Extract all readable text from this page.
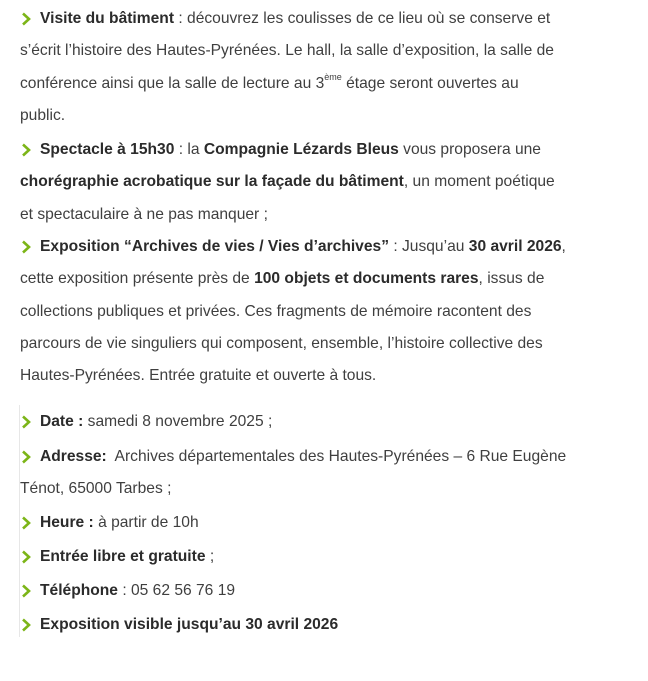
Visite du bâtiment : découvrez les coulisses de ce lieu où se conserve et
s’écrit l’histoire des Hautes-Pyrénées. Le hall, la salle d’exposition, la salle de
conférence ainsi que la salle de lecture au 3ème étage seront ouvertes au
public.
Spectacle à 15h30 : la Compagnie Lézards Bleus vous proposera une
chorégraphie acrobatique sur la façade du bâtiment, un moment poétique
et spectaculaire à ne pas manquer ;
Exposition “Archives de vies / Vies d’archives” : Jusqu’au 30 avril 2026,
cette exposition présente près de 100 objets et documents rares, issus de
collections publiques et privées. Ces fragments de mémoire racontent des
parcours de vie singuliers qui composent, ensemble, l’histoire collective des
Hautes-Pyrénées. Entrée gratuite et ouverte à tous.
Date : samedi 8 novembre 2025 ;
Adresse:  Archives départementales des Hautes-Pyrénées – 6 Rue Eugène
Ténot, 65000 Tarbes ;
Heure : à partir de 10h
Entrée libre et gratuite ;
Téléphone : 05 62 56 76 19
Exposition visible jusqu’au 30 avril 2026
